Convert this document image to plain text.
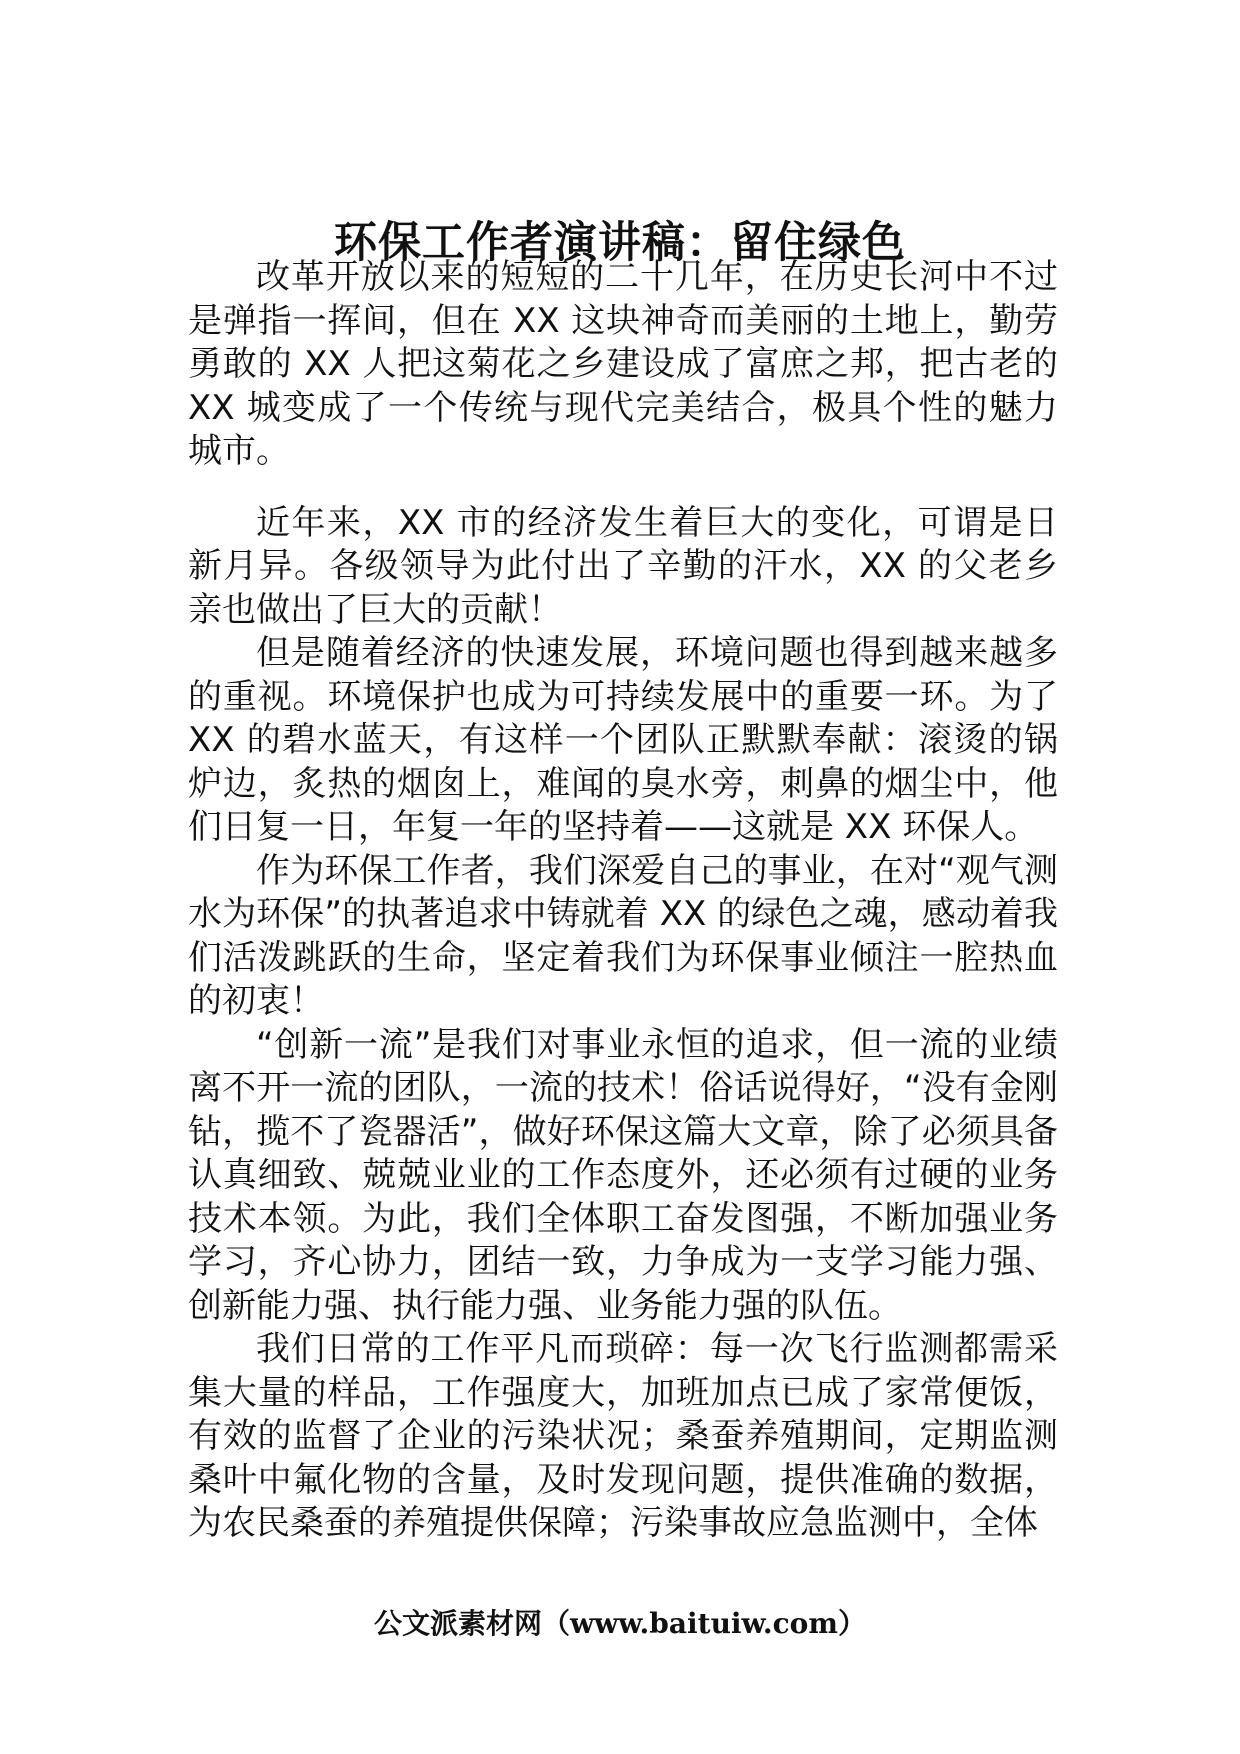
环保工作者演讲稿：留住绿色

改革开放以来的短短的二十几年，在历史长河中不过是弹指一挥间，但在 XX 这块神奇而美丽的土地上，勤劳勇敢的 XX 人把这菊花之乡建设成了富庶之邦，把古老的 XX 城变成了一个传统与现代完美结合，极具个性的魅力城市。

近年来，XX 市的经济发生着巨大的变化，可谓是日新月异。各级领导为此付出了辛勤的汗水，XX 的父老乡亲也做出了巨大的贡献！

但是随着经济的快速发展，环境问题也得到越来越多的重视。环境保护也成为可持续发展中的重要一环。为了 XX 的碧水蓝天，有这样一个团队正默默奉献：滚烫的锅炉边，炙热的烟囱上，难闻的臭水旁，刺鼻的烟尘中，他们日复一日，年复一年的坚持着——这就是 XX 环保人。

作为环保工作者，我们深爱自己的事业，在对“观气测水为环保”的执著追求中铸就着 XX 的绿色之魂，感动着我们活泼跳跃的生命，坚定着我们为环保事业倾注一腔热血的初衷！

“创新一流”是我们对事业永恒的追求，但一流的业绩离不开一流的团队，一流的技术！俗话说得好，“没有金刚钻，揽不了瓷器活”，做好环保这篇大文章，除了必须具备认真细致、兢兢业业的工作态度外，还必须有过硬的业务技术本领。为此，我们全体职工奋发图强，不断加强业务学习，齐心协力，团结一致，力争成为一支学习能力强、创新能力强、执行能力强、业务能力强的队伍。

我们日常的工作平凡而琐碎：每一次飞行监测都需采集大量的样品，工作强度大，加班加点已成了家常便饭，有效的监督了企业的污染状况；桑蚕养殖期间，定期监测桑叶中氟化物的含量，及时发现问题，提供准确的数据，为农民桑蚕的养殖提供保障；污染事故应急监测中，全体

公文派素材网（www.baituiw.com）
